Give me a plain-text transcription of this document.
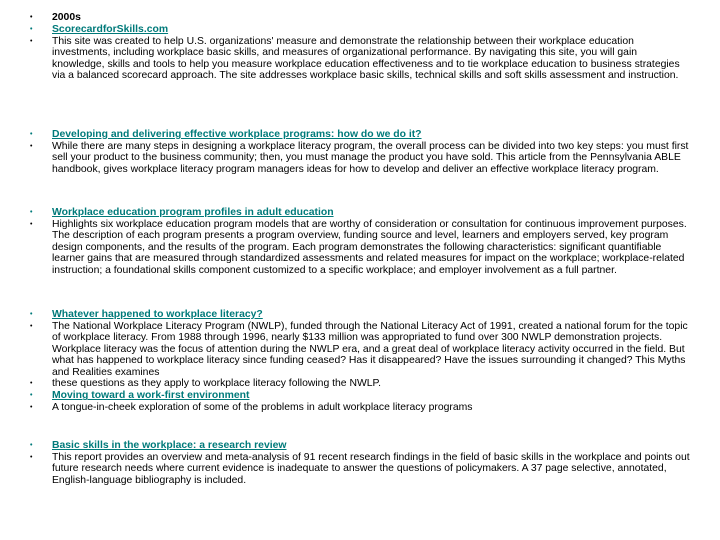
• 2000s
• ScorecardforSkills.com
• This site was created to help U.S. organizations' measure and demonstrate the relationship between their workplace education investments, including workplace basic skills, and measures of organizational performance. By navigating this site, you will gain knowledge, skills and tools to help you measure workplace education effectiveness and to tie workplace education to business strategies via a balanced scorecard approach. The site addresses workplace basic skills, technical skills and soft skills assessment and instruction.
• Developing and delivering effective workplace programs: how do we do it?
• While there are many steps in designing a workplace literacy program, the overall process can be divided into two key steps: you must first sell your product to the business community; then, you must manage the product you have sold. This article from the Pennsylvania ABLE handbook, gives workplace literacy program managers ideas for how to develop and deliver an effective workplace literacy program.
• Workplace education program profiles in adult education
• Highlights six workplace education program models that are worthy of consideration or consultation for continuous improvement purposes. The description of each program presents a program overview, funding source and level, learners and employers served, key program design components, and the results of the program. Each program demonstrates the following characteristics: significant quantifiable learner gains that are measured through standardized assessments and related measures for impact on the workplace; workplace-related instruction; a foundational skills component customized to a specific workplace; and employer involvement as a full partner.
• Whatever happened to workplace literacy?
• The National Workplace Literacy Program (NWLP), funded through the National Literacy Act of 1991, created a national forum for the topic of workplace literacy. From 1988 through 1996, nearly $133 million was appropriated to fund over 300 NWLP demonstration projects. Workplace literacy was the focus of attention during the NWLP era, and a great deal of workplace literacy activity occurred in the field. But what has happened to workplace literacy since funding ceased? Has it disappeared? Have the issues surrounding it changed? This Myths and Realities examines
• these questions as they apply to workplace literacy following the NWLP.
• Moving toward a work-first environment
• A tongue-in-cheek exploration of some of the problems in adult workplace literacy programs
• Basic skills in the workplace: a research review
• This report provides an overview and meta-analysis of 91 recent research findings in the field of basic skills in the workplace and points out future research needs where current evidence is inadequate to answer the questions of policymakers. A 37 page selective, annotated, English-language bibliography is included.
